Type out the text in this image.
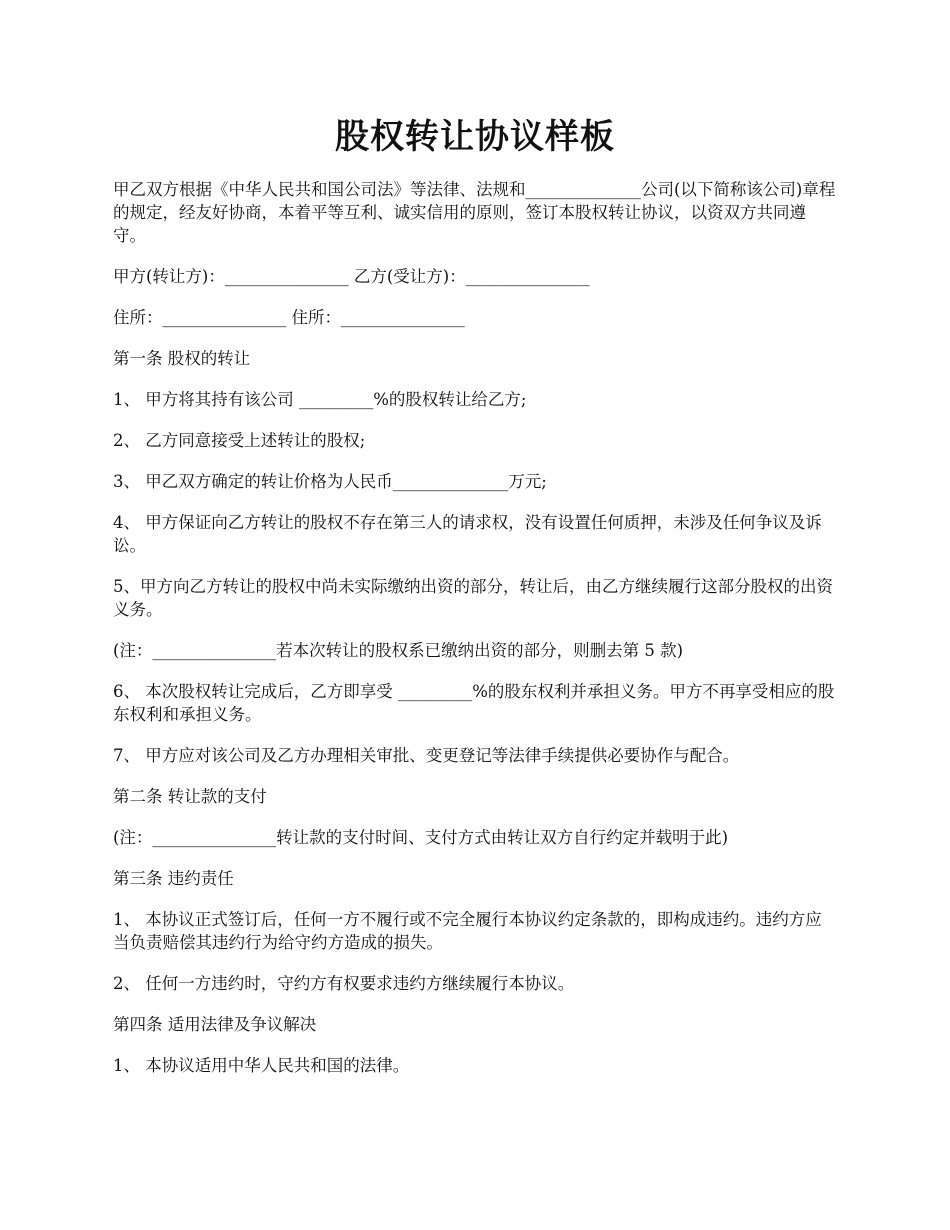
股权转让协议样板

甲乙双方根据《中华人民共和国公司法》等法律、法规和______________公司(以下简称该公司)章程的规定，经友好协商，本着平等互利、诚实信用的原则，签订本股权转让协议，以资双方共同遵守。

甲方(转让方)：_______________ 乙方(受让方)：_______________

住所：_______________ 住所：_______________

第一条 股权的转让

1、 甲方将其持有该公司 _________%的股权转让给乙方;

2、 乙方同意接受上述转让的股权;

3、 甲乙双方确定的转让价格为人民币______________万元;

4、 甲方保证向乙方转让的股权不存在第三人的请求权，没有设置任何质押，未涉及任何争议及诉讼。

5、甲方向乙方转让的股权中尚未实际缴纳出资的部分，转让后，由乙方继续履行这部分股权的出资义务。

(注：_______________若本次转让的股权系已缴纳出资的部分，则删去第 5 款)

6、 本次股权转让完成后，乙方即享受 _________%的股东权利并承担义务。甲方不再享受相应的股东权利和承担义务。

7、 甲方应对该公司及乙方办理相关审批、变更登记等法律手续提供必要协作与配合。

第二条 转让款的支付

(注：_______________转让款的支付时间、支付方式由转让双方自行约定并载明于此)

第三条 违约责任

1、 本协议正式签订后，任何一方不履行或不完全履行本协议约定条款的，即构成违约。违约方应当负责赔偿其违约行为给守约方造成的损失。

2、 任何一方违约时，守约方有权要求违约方继续履行本协议。

第四条 适用法律及争议解决

1、 本协议适用中华人民共和国的法律。
